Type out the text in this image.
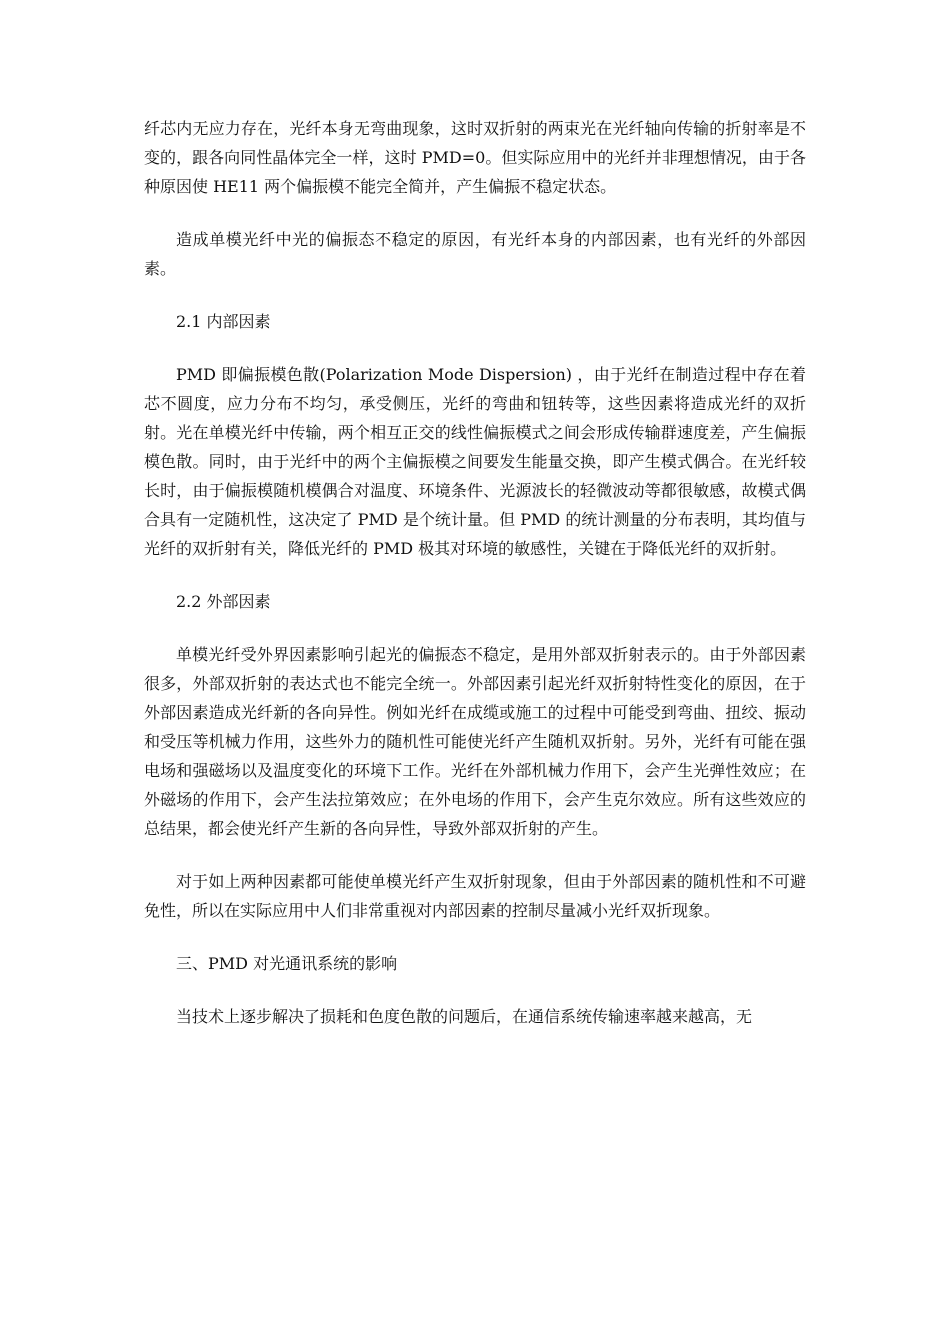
纤芯内无应力存在，光纤本身无弯曲现象，这时双折射的两束光在光纤轴向传输的折射率是不变的，跟各向同性晶体完全一样，这时 PMD=0。但实际应用中的光纤并非理想情况，由于各种原因使 HE11 两个偏振模不能完全简并，产生偏振不稳定状态。

造成单模光纤中光的偏振态不稳定的原因，有光纤本身的内部因素，也有光纤的外部因素。

2.1 内部因素

PMD 即偏振模色散(Polarization Mode Dispersion) ，由于光纤在制造过程中存在着芯不圆度，应力分布不均匀，承受侧压，光纤的弯曲和钮转等，这些因素将造成光纤的双折射。光在单模光纤中传输，两个相互正交的线性偏振模式之间会形成传输群速度差，产生偏振模色散。同时，由于光纤中的两个主偏振模之间要发生能量交换，即产生模式偶合。在光纤较长时，由于偏振模随机模偶合对温度、环境条件、光源波长的轻微波动等都很敏感，故模式偶合具有一定随机性，这决定了 PMD 是个统计量。但 PMD 的统计测量的分布表明，其均值与光纤的双折射有关，降低光纤的 PMD 极其对环境的敏感性，关键在于降低光纤的双折射。

2.2 外部因素

单模光纤受外界因素影响引起光的偏振态不稳定，是用外部双折射表示的。由于外部因素很多，外部双折射的表达式也不能完全统一。外部因素引起光纤双折射特性变化的原因，在于外部因素造成光纤新的各向异性。例如光纤在成缆或施工的过程中可能受到弯曲、扭绞、振动和受压等机械力作用，这些外力的随机性可能使光纤产生随机双折射。另外，光纤有可能在强电场和强磁场以及温度变化的环境下工作。光纤在外部机械力作用下，会产生光弹性效应；在外磁场的作用下，会产生法拉第效应；在外电场的作用下，会产生克尔效应。所有这些效应的总结果，都会使光纤产生新的各向异性，导致外部双折射的产生。

对于如上两种因素都可能使单模光纤产生双折射现象，但由于外部因素的随机性和不可避免性，所以在实际应用中人们非常重视对内部因素的控制尽量减小光纤双折现象。

三、PMD 对光通讯系统的影响

当技术上逐步解决了损耗和色度色散的问题后，在通信系统传输速率越来越高，无
